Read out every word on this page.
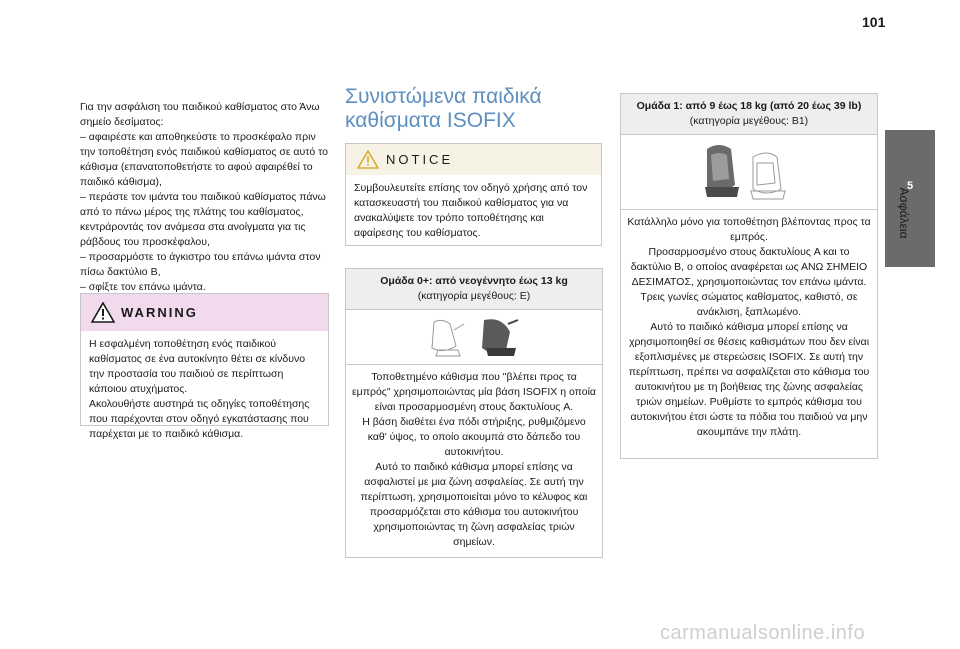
101
5
Ασφάλεια

Για την ασφάλιση του παιδικού καθίσματος στο Άνω σημείο δεσίματος:

– αφαιρέστε και αποθηκεύστε το προσκέφαλο πριν την τοποθέτηση ενός παιδικού καθίσματος σε αυτό το κάθισμα (επανατοποθετήστε το αφού αφαιρέθεί το παιδικό κάθισμα),

– περάστε τον ιμάντα του παιδικού καθίσματος πάνω από το πάνω μέρος της πλάτης του καθίσματος, κεντράροντάς τον ανάμεσα στα ανοίγματα για τις ράβδους του προσκέφαλου,

– προσαρμόστε το άγκιστρο του επάνω ιμάντα στον πίσω δακτύλιο B,

– σφίξτε τον επάνω ιμάντα.

WARNING
Η εσφαλμένη τοποθέτηση ενός παιδικού καθίσματος σε ένα αυτοκίνητο θέτει σε κίνδυνο την προστασία του παιδιού σε περίπτωση κάποιου ατυχήματος.
Ακολουθήστε αυστηρά τις οδηγίες τοποθέτησης που παρέχονται στον οδηγό εγκατάστασης που παρέχεται με το παιδικό κάθισμα.
Συνιστώμενα παιδικά καθίσματα ISOFIX
NOTICE
Συμβουλευτείτε επίσης τον οδηγό χρήσης από τον κατασκευαστή του παιδικού καθίσματος για να ανακαλύψετε τον τρόπο τοποθέτησης και αφαίρεσης του καθίσματος.
Ομάδα 0+: από νεογέννητο έως 13 kg
(κατηγορία μεγέθους: E)
Τοποθετημένο κάθισμα που "βλέπει προς τα εμπρός" χρησιμοποιώντας μία βάση ISOFIX η οποία είναι προσαρμοσμένη στους δακτυλίους A.
Η βάση διαθέτει ένα πόδι στήριξης, ρυθμιζόμενο καθ' ύψος, το οποίο ακουμπά στο δάπεδο του αυτοκινήτου.
Αυτό το παιδικό κάθισμα μπορεί επίσης να ασφαλιστεί με μια ζώνη ασφαλείας. Σε αυτή την περίπτωση, χρησιμοποιείται μόνο το κέλυφος και προσαρμόζεται στο κάθισμα του αυτοκινήτου χρησιμοποιώντας τη ζώνη ασφαλείας τριών σημείων.
Ομάδα 1: από 9 έως 18 kg (από 20 έως 39 lb)
(κατηγορία μεγέθους: B1)
Κατάλληλο μόνο για τοποθέτηση βλέποντας προς τα εμπρός.
Προσαρμοσμένο στους δακτυλίους A και το δακτύλιο B, ο οποίος αναφέρεται ως ΑΝΩ ΣΗΜΕΙΟ ΔΕΣΙΜΑΤΟΣ, χρησιμοποιώντας τον επάνω ιμάντα.
Τρεις γωνίες σώματος καθίσματος, καθιστό, σε ανάκλιση, ξαπλωμένο.
Αυτό το παιδικό κάθισμα μπορεί επίσης να χρησιμοποιηθεί σε θέσεις καθισμάτων που δεν είναι εξοπλισμένες με στερεώσεις ISOFIX. Σε αυτή την περίπτωση, πρέπει να ασφαλίζεται στο κάθισμα του αυτοκινήτου με τη βοήθειας της ζώνης ασφαλείας τριών σημείων. Ρυθμίστε το εμπρός κάθισμα του αυτοκινήτου έτσι ώστε τα πόδια του παιδιού να μην ακουμπάνε την πλάτη.
carmanualsonline.info
